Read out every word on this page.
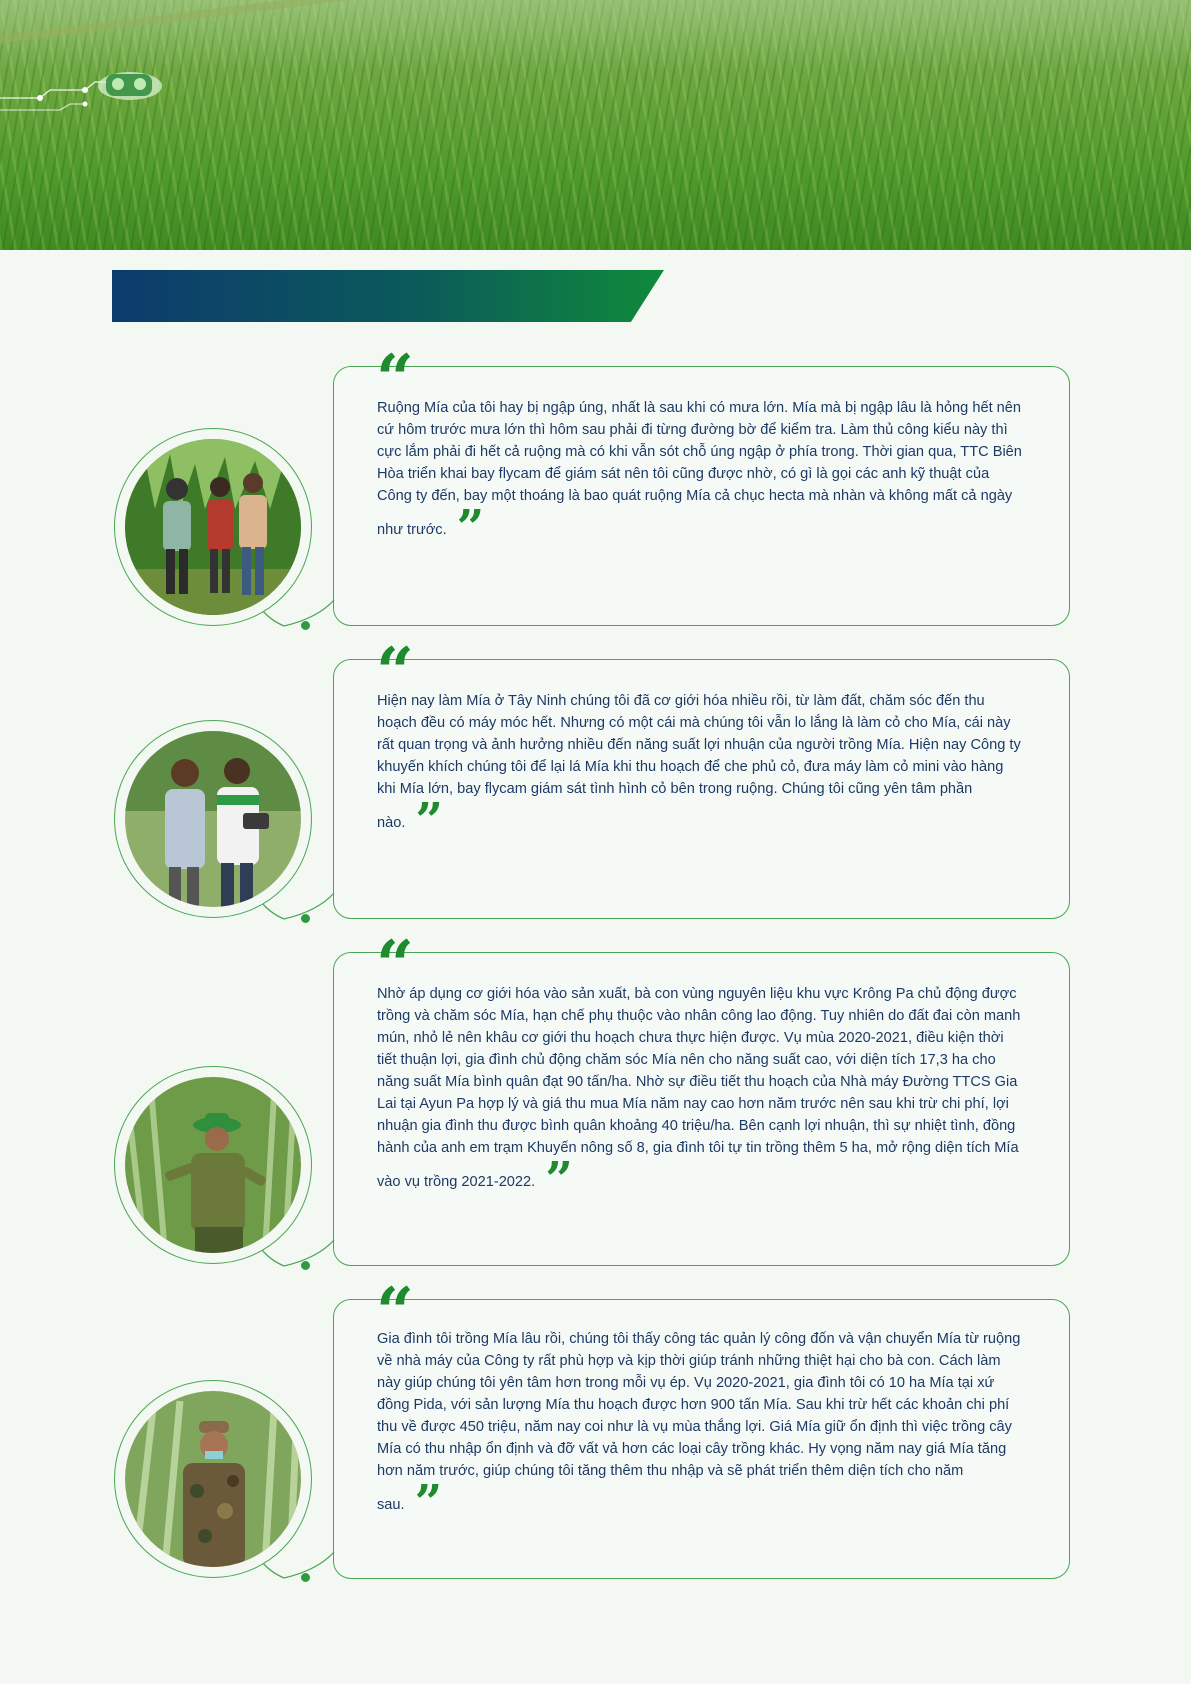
“

Ruộng Mía của tôi hay bị ngập úng, nhất là sau khi có mưa lớn. Mía mà bị ngập lâu là hỏng hết nên cứ hôm trước mưa lớn thì hôm sau phải đi từng đường bờ để kiểm tra. Làm thủ công kiểu này thì cực lắm phải đi hết cả ruộng mà có khi vẫn sót chỗ úng ngập ở phía trong. Thời gian qua, TTC Biên Hòa triển khai bay flycam để giám sát nên tôi cũng được nhờ, có gì là gọi các anh kỹ thuật của Công ty đến, bay một thoáng là bao quát ruộng Mía cả chục hecta mà nhàn và không mất cả ngày như trước. ”

“

Hiện nay làm Mía ở Tây Ninh chúng tôi đã cơ giới hóa nhiều rồi, từ làm đất, chăm sóc đến thu hoạch đều có máy móc hết. Nhưng có một cái mà chúng tôi vẫn lo lắng là làm cỏ cho Mía, cái này rất quan trọng và ảnh hưởng nhiều đến năng suất lợi nhuận của người trồng Mía. Hiện nay Công ty khuyến khích chúng tôi để lại lá Mía khi thu hoạch để che phủ cỏ, đưa máy làm cỏ mini vào hàng khi Mía lớn, bay flycam giám sát tình hình cỏ bên trong ruộng. Chúng tôi cũng yên tâm phần nào. ”

“

Nhờ áp dụng cơ giới hóa vào sản xuất, bà con vùng nguyên liệu khu vực Krông Pa chủ động được trồng và chăm sóc Mía, hạn chế phụ thuộc vào nhân công lao động. Tuy nhiên do đất đai còn manh mún, nhỏ lẻ nên khâu cơ giới thu hoạch chưa thực hiện được. Vụ mùa 2020-2021, điều kiện thời tiết thuận lợi, gia đình chủ động chăm sóc Mía nên cho năng suất cao, với diện tích 17,3 ha cho năng suất Mía bình quân đạt 90 tấn/ha. Nhờ sự điều tiết thu hoạch của Nhà máy Đường TTCS Gia Lai tại Ayun Pa hợp lý và giá thu mua Mía năm nay cao hơn năm trước nên sau khi trừ chi phí, lợi nhuận gia đình thu được bình quân khoảng 40 triệu/ha. Bên cạnh lợi nhuận, thì sự nhiệt tình, đồng hành của anh em trạm Khuyến nông số 8, gia đình tôi tự tin trồng thêm 5 ha, mở rộng diện tích Mía vào vụ trồng 2021-2022. ”

“

Gia đình tôi trồng Mía lâu rồi, chúng tôi thấy công tác quản lý công đốn và vận chuyển Mía từ ruộng về nhà máy của Công ty rất phù hợp và kịp thời giúp tránh những thiệt hại cho bà con. Cách làm này giúp chúng tôi yên tâm hơn trong mỗi vụ ép. Vụ 2020-2021, gia đình tôi có 10 ha Mía tại xứ đồng Pida, với sản lượng Mía thu hoạch được hơn 900 tấn Mía. Sau khi trừ hết các khoản chi phí thu về được 450 triệu, năm nay coi như là vụ mùa thắng lợi. Giá Mía giữ ổn định thì việc trồng cây Mía có thu nhập ổn định và đỡ vất vả hơn các loại cây trồng khác. Hy vọng năm nay giá Mía tăng hơn năm trước, giúp chúng tôi tăng thêm thu nhập và sẽ phát triển thêm diện tích cho năm sau. ”
